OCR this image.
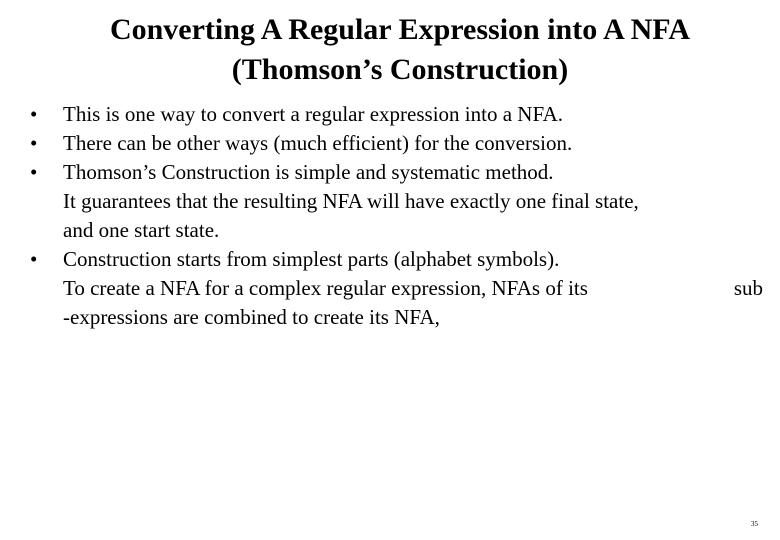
Converting A Regular Expression into A NFA
(Thomson’s Construction)
•	This is one way to convert a regular expression into a NFA.
•	There can be other ways (much efficient) for the conversion.
•	Thomson’s Construction is simple and systematic method.
It guarantees that the resulting NFA will have exactly one final state,
and one start state.
•	Construction starts from simplest parts (alphabet symbols).
To create a NFA for a complex regular expression, NFAs of its	sub
-expressions are combined to create its NFA,
35
